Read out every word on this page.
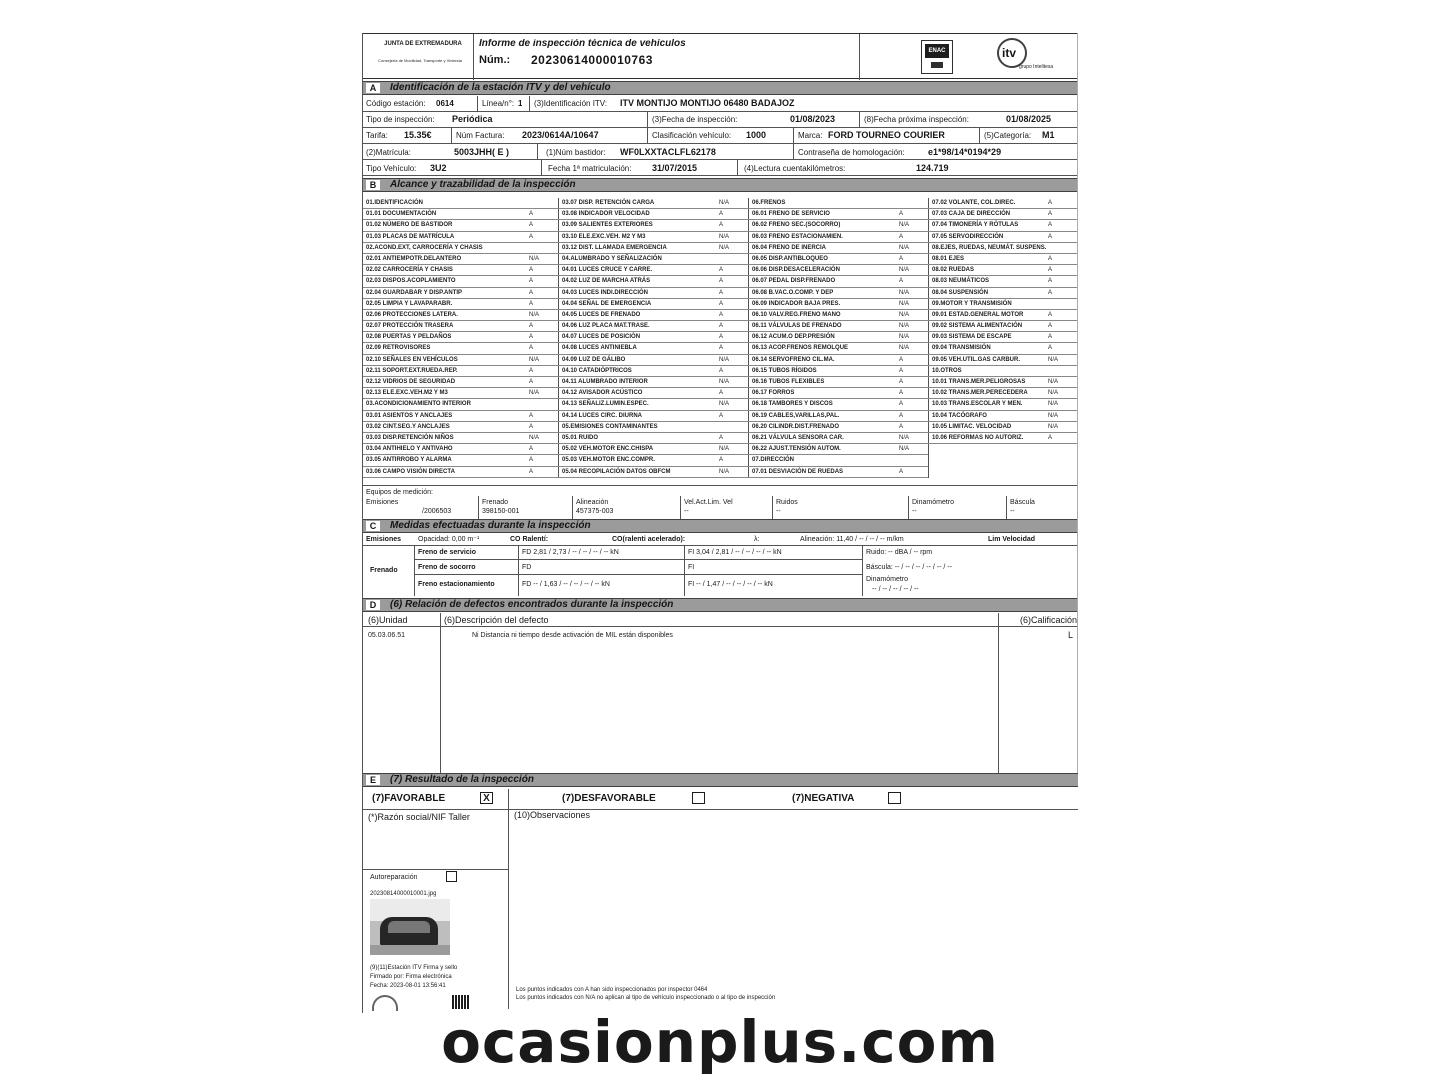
JUNTA DE EXTREMADURA
Consejería de Movilidad, Transporte y Vivienda
Informe de inspección técnica de vehículos
Núm.: 20230614000010763
ENAC	itv
grupo Intelitesa
A	Identificación de la estación ITV y del vehículo
Código estación: 0614	Línea/n°: 1 (3)Identificación ITV: ITV MONTIJO MONTIJO 06480 BADAJOZ
Tipo de inspección: Periódica	(3)Fecha de inspección:	01/08/2023	(8)Fecha próxima inspección:	01/08/2025
Tarifa: 15.35€	Núm Factura: 2023/0614A/10647	Clasificación vehículo: 1000	Marca: FORD TOURNEO COURIER	(5)Categoría: M1
(2)Matrícula:	5003JHH( E )	(1)Núm bastidor: WF0LXXTACLFL62178	Contraseña de homologación:	e1*98/14*0194*29
Tipo Vehículo: 3U2	Fecha 1ª matriculación: 31/07/2015	(4)Lectura cuentakilómetros:	124.719
B	Alcance y trazabilidad de la inspección
01.IDENTIFICACIÓN
01.01 DOCUMENTACIÓN	A
01.02 NÚMERO DE BASTIDOR	A
01.03 PLACAS DE MATRÍCULA	A
02.ACOND.EXT, CARROCERÍA Y CHASIS
02.01 ANTIEMPOTR.DELANTERO	N/A
02.02 CARROCERÍA Y CHASIS	A
02.03 DISPOS.ACOPLAMIENTO	A
02.04 GUARDABAR Y DISP.ANTIP	A
02.05 LIMPIA Y LAVAPARABR.	A
02.06 PROTECCIONES LATERA.	N/A
02.07 PROTECCIÓN TRASERA	A
02.08 PUERTAS Y PELDAÑOS	A
02.09 RETROVISORES	A
02.10 SEÑALES EN VEHÍCULOS	N/A
02.11 SOPORT.EXT.RUEDA.REP.	A
02.12 VIDRIOS DE SEGURIDAD	A
02.13 ELE.EXC.VEH.M2 Y M3	N/A
03.ACONDICIONAMIENTO INTERIOR
03.01 ASIENTOS Y ANCLAJES	A
03.02 CINT.SEG.Y ANCLAJES	A
03.03 DISP.RETENCIÓN NIÑOS	N/A
03.04 ANTIHIELO Y ANTIVAHO	A
03.05 ANTIRROBO Y ALARMA	A
03.06 CAMPO VISIÓN DIRECTA	A
03.07 DISP. RETENCIÓN CARGA	N/A
03.08 INDICADOR VELOCIDAD	A
03.09 SALIENTES EXTERIORES	A
03.10 ELE.EXC.VEH. M2 Y M3	N/A
03.12 DIST. LLAMADA EMERGENCIA	N/A
04.ALUMBRADO Y SEÑALIZACIÓN
04.01 LUCES CRUCE Y CARRE.	A
04.02 LUZ DE MARCHA ATRÁS	A
04.03 LUCES INDI.DIRECCIÓN	A
04.04 SEÑAL DE EMERGENCIA	A
04.05 LUCES DE FRENADO	A
04.06 LUZ PLACA MAT.TRASE.	A
04.07 LUCES DE POSICIÓN	A
04.08 LUCES ANTINIEBLA	A
04.09 LUZ DE GÁLIBO	N/A
04.10 CATADIÓPTRICOS	A
04.11 ALUMBRADO INTERIOR	N/A
04.12 AVISADOR ACÚSTICO	A
04.13 SEÑALIZ.LUMIN.ESPEC.	N/A
04.14 LUCES CIRC. DIURNA	A
05.EMISIONES CONTAMINANTES
05.01 RUIDO	A
05.02 VEH.MOTOR ENC.CHISPA	N/A
05.03 VEH.MOTOR ENC.COMPR.	A
05.04 RECOPILACIÓN DATOS OBFCM	N/A
06.FRENOS
06.01 FRENO DE SERVICIO	A
06.02 FRENO SEC.(SOCORRO)	N/A
06.03 FRENO ESTACIONAMIEN.	A
06.04 FRENO DE INERCIA	N/A
06.05 DISP.ANTIBLOQUEO	A
06.06 DISP.DESACELERACIÓN	N/A
06.07 PEDAL DISP.FRENADO	A
06.08 B.VAC.O.COMP. Y DEP	N/A
06.09 INDICADOR BAJA PRES.	N/A
06.10 VALV.REG.FRENO MANO	N/A
06.11 VÁLVULAS DE FRENADO	N/A
06.12 ACUM.O DEP.PRESIÓN	N/A
06.13 ACOP.FRENOS REMOLQUE	N/A
06.14 SERVOFRENO CIL.MA.	A
06.15 TUBOS RÍGIDOS	A
06.16 TUBOS FLEXIBLES	A
06.17 FORROS	A
06.18 TAMBORES Y DISCOS	A
06.19 CABLES,VARILLAS,PAL.	A
06.20 CILINDR.DIST.FRENADO	A
06.21 VÁLVULA SENSORA CAR.	N/A
06.22 AJUST.TENSIÓN AUTOM.	N/A
07.DIRECCIÓN
07.01 DESVIACIÓN DE RUEDAS	A
07.02 VOLANTE, COL.DIREC.	A
07.03 CAJA DE DIRECCIÓN	A
07.04 TIMONERÍA Y RÓTULAS	A
07.05 SERVODIRECCIÓN	A
08.EJES, RUEDAS, NEUMÁT. SUSPENS.
08.01 EJES	A
08.02 RUEDAS	A
08.03 NEUMÁTICOS	A
08.04 SUSPENSIÓN	A
09.MOTOR Y TRANSMISIÓN
09.01 ESTAD.GENERAL MOTOR	A
09.02 SISTEMA ALIMENTACIÓN	A
09.03 SISTEMA DE ESCAPE	A
09.04 TRANSMISIÓN	A
09.05 VEH.UTIL.GAS CARBUR.	N/A
10.OTROS
10.01 TRANS.MER.PELIGROSAS	N/A
10.02 TRANS.MER.PERECEDERA	N/A
10.03 TRANS.ESCOLAR Y MEN.	N/A
10.04 TACÓGRAFO	N/A
10.05 LIMITAC. VELOCIDAD	N/A
10.06 REFORMAS NO AUTORIZ.	A
Equipos de medición:
Emisiones
/2006503
Frenado
398150-001
Alineación
457375-003
Vel.Act.Lim. Vel
--
Ruidos
--
Dinamómetro
--
Báscula
--
C	Medidas efectuadas durante la inspección
Emisiones Opacidad: 0,00 m⁻¹	CO Ralentí:	CO(ralenti acelerado):	λ:	Alineación: 11,40 / -- / -- / -- m/km	Lim Velocidad
Frenado
Freno de servicio	FD 2,81 / 2,73 / -- / -- / -- / -- kN	FI 3,04 / 2,81 / -- / -- / -- / -- kN
Freno de socorro	FD	FI
Freno estacionamiento	FD -- / 1,63 / -- / -- / -- / -- kN	FI -- / 1,47 / -- / -- / -- / -- kN
Ruido: -- dBA / -- rpm
Báscula: -- / -- / -- / -- / -- / --
Dinamómetro
-- / -- / -- / -- / --
D	(6) Relación de defectos encontrados durante la inspección
(6)Unidad	(6)Descripción del defecto	(6)Calificación
05.03.06.51	Ni Distancia ni tiempo desde activación de MIL están disponibles	L
E	(7) Resultado de la inspección
(7)FAVORABLE	X	(7)DESFAVORABLE	(7)NEGATIVA
(*)Razón social/NIF Taller	(10)Observaciones
Autoreparación
20230814000010001.jpg
(9)(11)Estación ITV Firma y sello
Firmado por: Firma electrónica
Fecha: 2023-08-01 13:56:41
Los puntos indicados con A han sido inspeccionados por inspector 0464
Los puntos indicados con N/A no aplican al tipo de vehículo inspeccionado o al tipo de inspección
ocasionplus.com
